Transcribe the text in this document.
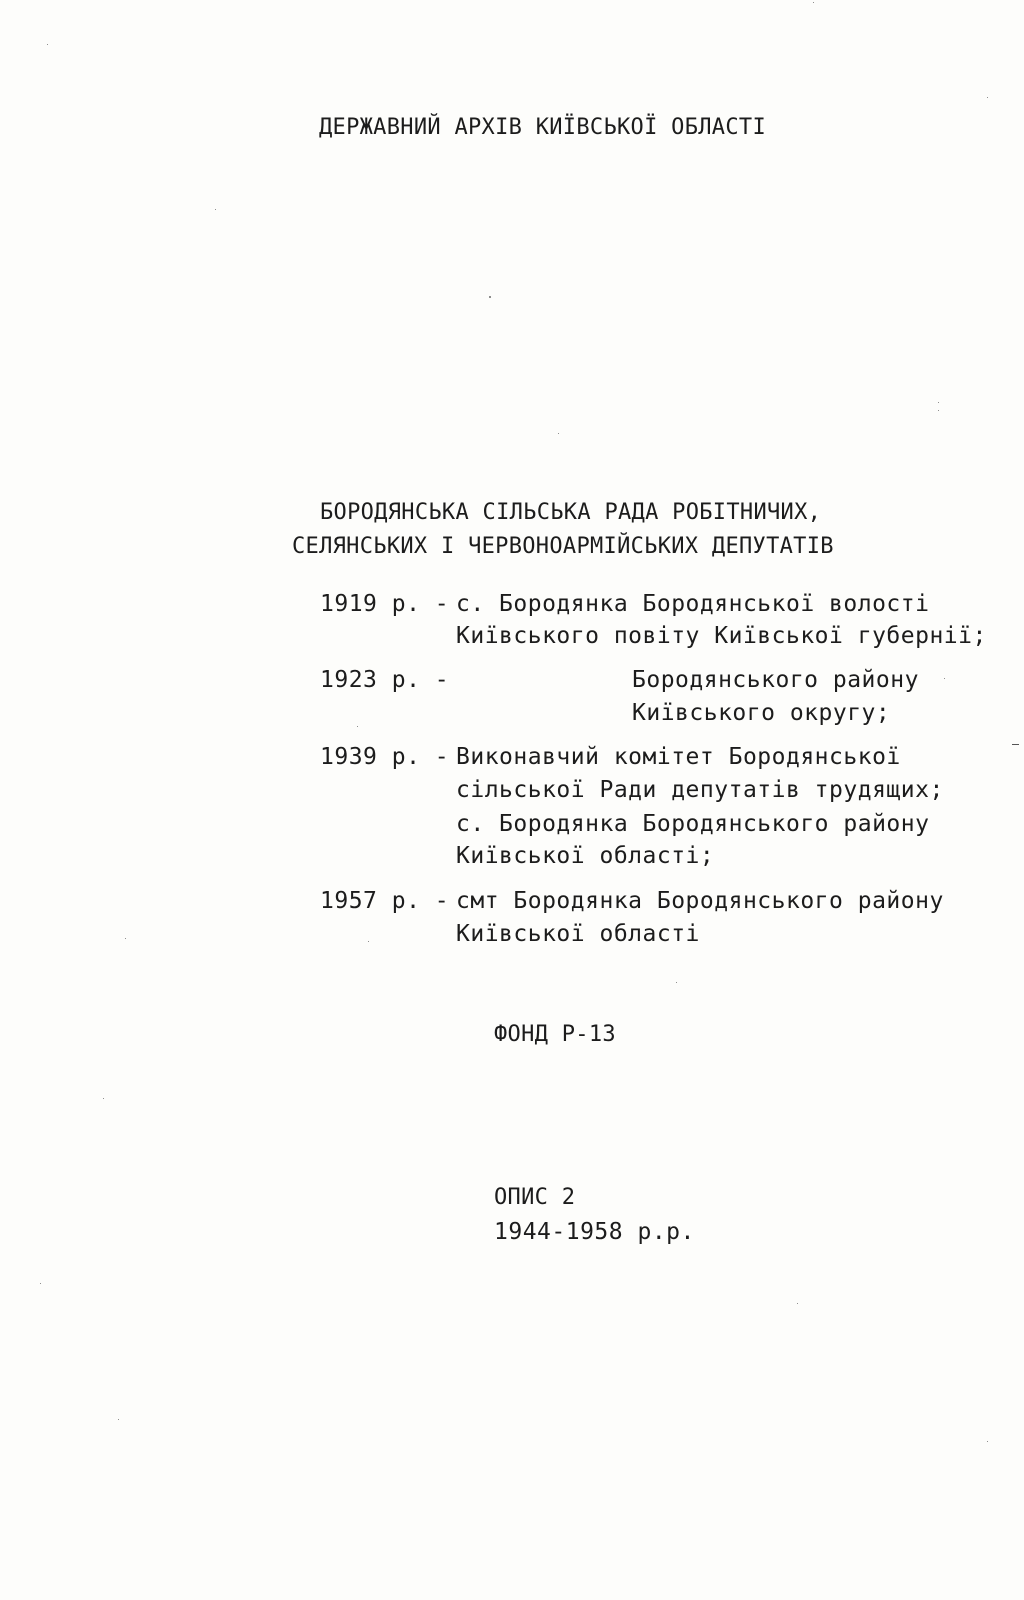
ДЕРЖАВНИЙ АРХІВ КИЇВСЬКОЇ ОБЛАСТІ
БОРОДЯНСЬКА СІЛЬСЬКА РАДА РОБІТНИЧИХ,
СЕЛЯНСЬКИХ І ЧЕРВОНОАРМІЙСЬКИХ ДЕПУТАТІВ
1919 р. - с. Бородянка Бородянської волості
Київського повіту Київської губернії;
1923 р. -	Бородянського району
Київського округу;
1939 р. - Виконавчий комітет Бородянської
сільської Ради депутатів трудящих;
с. Бородянка Бородянського району
Київської області;
1957 р. - смт Бородянка Бородянського району
Київської області
ФОНД Р-13
ОПИС 2
1944-1958 р.р.
